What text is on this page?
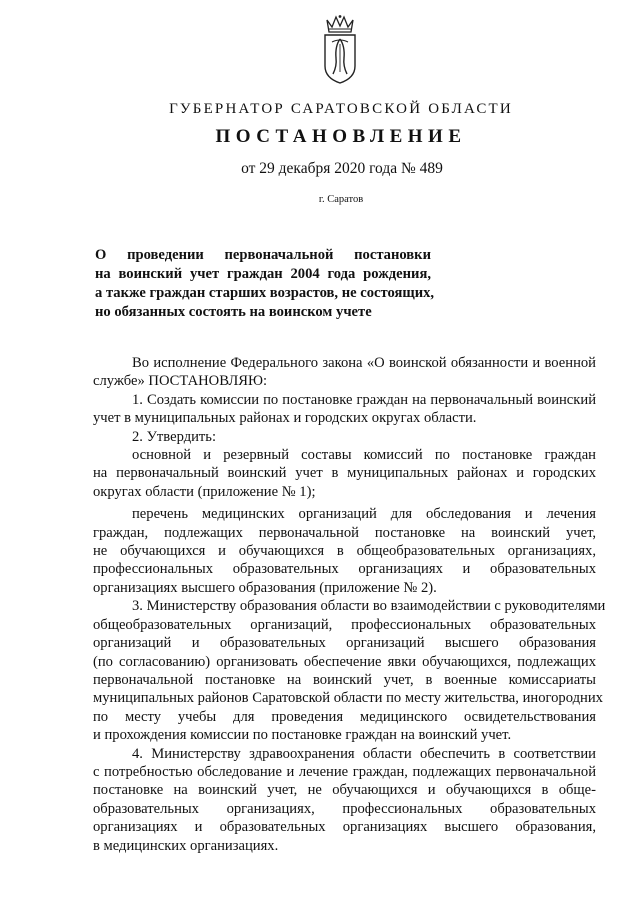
ГУБЕРНАТОР САРАТОВСКОЙ ОБЛАСТИ
ПОСТАНОВЛЕНИЕ
от 29 декабря 2020 года № 489
г. Саратов
О проведении первоначальной постановки
на воинский учет граждан 2004 года рождения,
а также граждан старших возрастов, не состоящих,
но обязанных состоять на воинском учете

Во исполнение Федерального закона «О воинской обязанности и военной
службе» ПОСТАНОВЛЯЮ:

1. Создать комиссии по постановке граждан на первоначальный воинский
учет в муниципальных районах и городских округах области.

2. Утвердить:

основной и резервный составы комиссий по постановке граждан
на первоначальный воинский учет в муниципальных районах и городских
округах области (приложение № 1);

перечень медицинских организаций для обследования и лечения
граждан, подлежащих первоначальной постановке на воинский учет,
не обучающихся и обучающихся в общеобразовательных организациях,
профессиональных образовательных организациях и образовательных
организациях высшего образования (приложение № 2).

3. Министерству образования области во взаимодействии с руководителями
общеобразовательных организаций, профессиональных образовательных
организаций и образовательных организаций высшего образования
(по согласованию) организовать обеспечение явки обучающихся, подлежащих
первоначальной постановке на воинский учет, в военные комиссариаты
муниципальных районов Саратовской области по месту жительства, иногородних
по месту учебы для проведения медицинского освидетельствования
и прохождения комиссии по постановке граждан на воинский учет.

4. Министерству здравоохранения области обеспечить в соответствии
с потребностью обследование и лечение граждан, подлежащих первоначальной
постановке на воинский учет, не обучающихся и обучающихся в обще-
образовательных организациях, профессиональных образовательных
организациях и образовательных организациях высшего образования,
в медицинских организациях.
